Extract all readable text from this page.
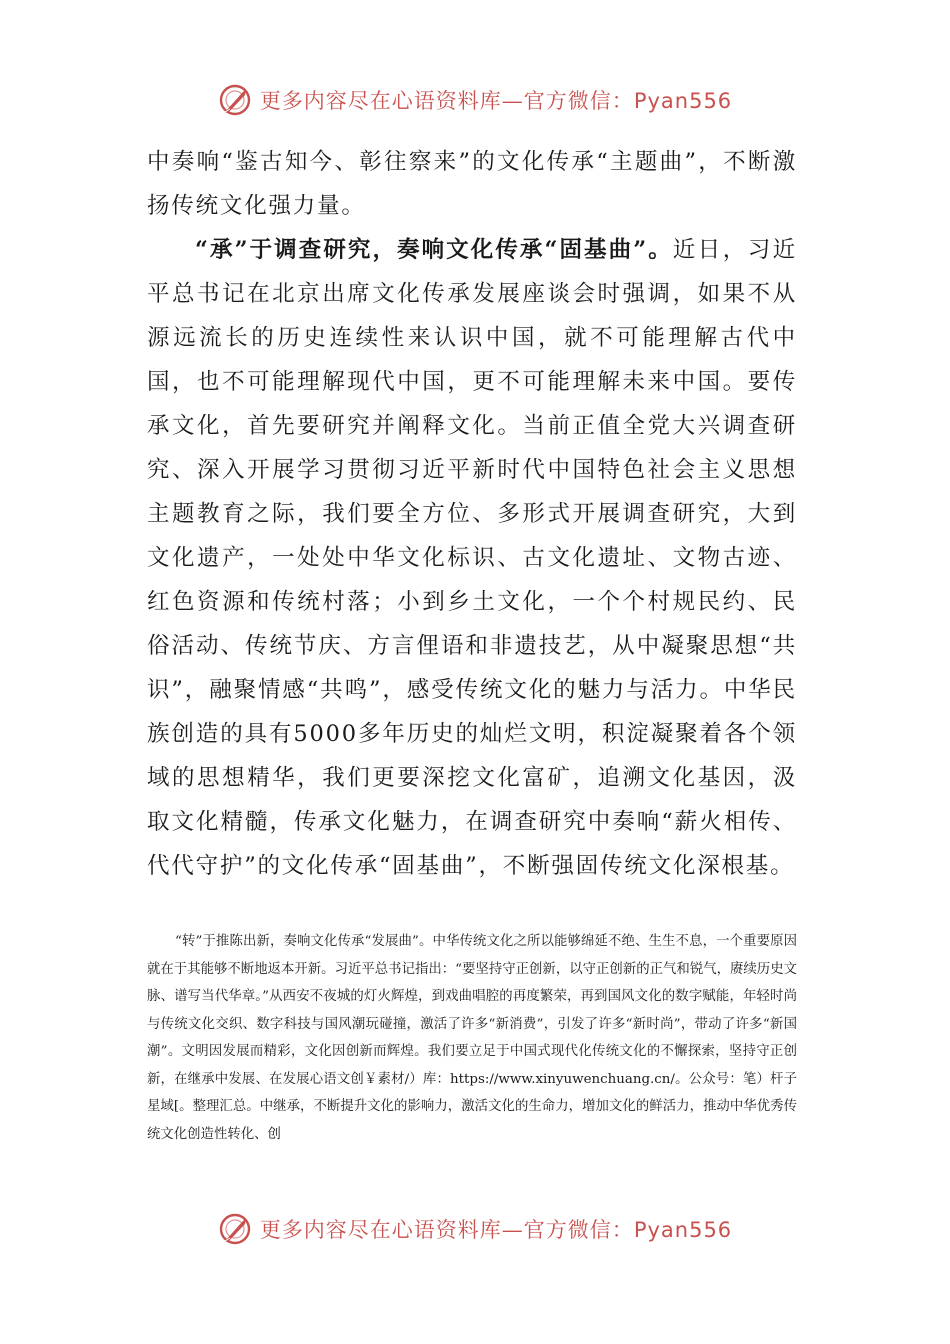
更多内容尽在心语资料库—官方微信：Pyan556

中奏响“鉴古知今、彰往察来”的文化传承“主题曲”，不断激扬传统文化强力量。

“承”于调查研究，奏响文化传承“固基曲”。近日，习近平总书记在北京出席文化传承发展座谈会时强调，如果不从源远流长的历史连续性来认识中国，就不可能理解古代中国，也不可能理解现代中国，更不可能理解未来中国。要传承文化，首先要研究并阐释文化。当前正值全党大兴调查研究、深入开展学习贯彻习近平新时代中国特色社会主义思想主题教育之际，我们要全方位、多形式开展调查研究，大到文化遗产，一处处中华文化标识、古文化遗址、文物古迹、红色资源和传统村落；小到乡土文化，一个个村规民约、民俗活动、传统节庆、方言俚语和非遗技艺，从中凝聚思想“共识”，融聚情感“共鸣”，感受传统文化的魅力与活力。中华民族创造的具有5000多年历史的灿烂文明，积淀凝聚着各个领域的思想精华，我们更要深挖文化富矿，追溯文化基因，汲取文化精髓，传承文化魅力，在调查研究中奏响“薪火相传、代代守护”的文化传承“固基曲”，不断强固传统文化深根基。

“转”于推陈出新，奏响文化传承“发展曲”。中华传统文化之所以能够绵延不绝、生生不息，一个重要原因就在于其能够不断地返本开新。习近平总书记指出：“要坚持守正创新，以守正创新的正气和锐气，赓续历史文脉、谱写当代华章。”从西安不夜城的灯火辉煌，到戏曲唱腔的再度繁荣，再到国风文化的数字赋能，年轻时尚与传统文化交织、数字科技与国风潮玩碰撞，激活了许多“新消费”，引发了许多“新时尚”，带动了许多“新国潮”。文明因发展而精彩，文化因创新而辉煌。我们要立足于中国式现代化传统文化的不懈探索，坚持守正创新，在继承中发展、在发展心语文创￥素材/）库：https://www.xinyuwenchuang.cn/。公众号：笔）杆子星域[。整理汇总。中继承，不断提升文化的影响力，激活文化的生命力，增加文化的鲜活力，推动中华优秀传统文化创造性转化、创

更多内容尽在心语资料库—官方微信：Pyan556
